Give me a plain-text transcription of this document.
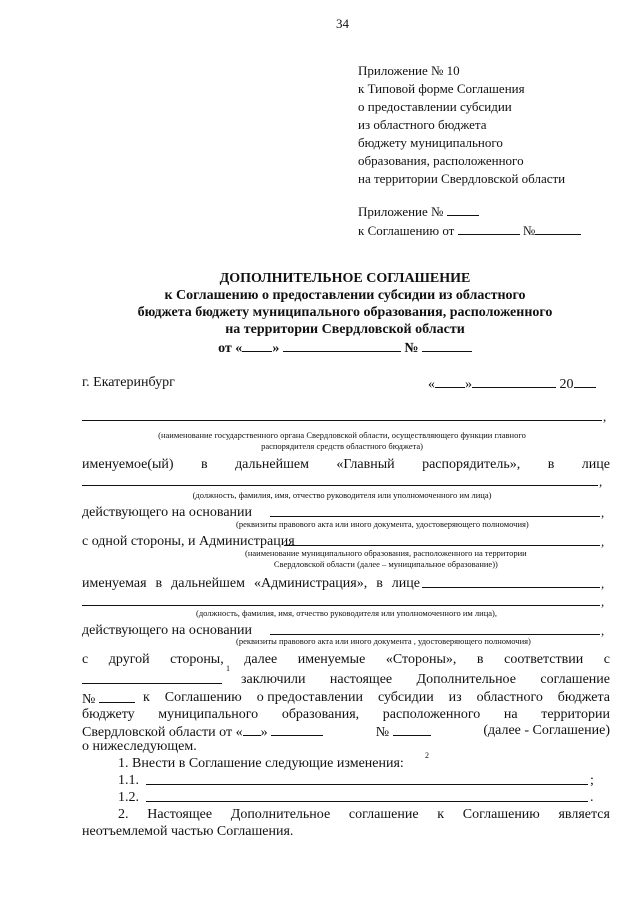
34
Приложение № 10
к Типовой форме Соглашения
о предоставлении субсидии
из областного бюджета
бюджету муниципального
образования, расположенного
на территории Свердловской области
Приложение №
к Соглашению от	№
ДОПОЛНИТЕЛЬНОЕ СОГЛАШЕНИЕ
к Соглашению о предоставлении субсидии из областного
бюджета бюджету муниципального образования, расположенного
на территории Свердловской области
от « »	№
г. Екатеринбург	« »	20
,
(наименование государственного органа Свердловской области, осуществляющего функции главного
распорядителя средств областного бюджета)
именуемое(ый) в дальнейшем «Главный распорядитель», в лице
,
(должность, фамилия, имя, отчество руководителя или уполномоченного им лица)
действующего на основании	,
(реквизиты правового акта или иного документа, удостоверяющего полномочия)
с одной стороны, и Администрация	,
(наименование муниципального образования, расположенного на территории
Свердловской области (далее – муниципальное образование))
именуемая в дальнейшем «Администрация», в лице	,
,
(должность, фамилия, имя, отчество руководителя или уполномоченного им лица),
действующего на основании	,
(реквизиты правового акта или иного документа , удостоверяющего полномочия)
с другой стороны, далее именуемые «Стороны», в соответствии с
1
заключили настоящее Дополнительное соглашение
№	к Соглашению о предоставлении субсидии из областного бюджета
бюджету муниципального образования, расположенного на территории
Свердловской области от « »	№	(далее - Соглашение)
о нижеследующем.
1. Внести в Соглашение следующие изменения:
2
1.1.	;
1.2.	.
2. Настоящее Дополнительное соглашение к Соглашению является
неотъемлемой частью Соглашения.
